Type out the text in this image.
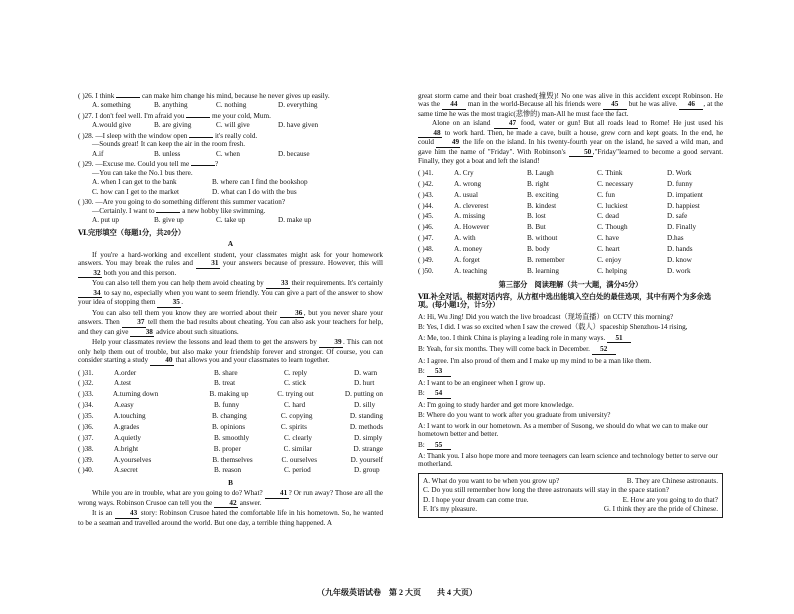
( )26. I think	can make him change his mind, because he never gives up easily.
A. something	B. anything	C. nothing	D. everything
( )27. I don't feel well. I'm afraid you	me your cold, Mum.
A.would give	B. are giving	C. will give	D. have given
( )28. —I sleep with the window open	it's really cold.
—Sounds great! It can keep the air in the room fresh.
A.if	B. unless	C. when	D. because
( )29. —Excuse me. Could you tell me	?
—You can take the No.1 bus there.
A. when I can get to the bank	B. where can I find the bookshop
C. how can I get to the market	D. what can I do with the bus
( )30. —Are you going to do something different this summer vacation?
—Certainly. I want to	a new hobby like swimming.
A. put up	B. give up	C. take up	D. make up
Ⅵ.完形填空（每题1分，共20分）
A
If you're a hard-working and excellent student, your classmates might ask for your homework answers. You may break the rules and	31 your answers because of pressure. However, this will 32 both you and this person.
You can also tell them you can help them avoid cheating by 33 their requirements. It's certainly 34 to say no, especially when you want to seem friendly. You can give a part of the answer to show your idea of stopping them 35.
You can also tell them you know they are worried about their	36, but you never share your answers. Then 37 tell them the bad results about cheating. You can also ask your teachers for help, and they can give 38 advice about such situations.
Help your classmates review the lessons and lead them to get the answers by 39. This can not only help them out of trouble, but also make your friendship forever and stronger. Of course, you can consider starting a study 40 that allows you and your classmates to learn together.
( )31.	A.order	B. share	C. reply	D. warn
( )32.	A.test	B. treat	C. stick	D. hurt
( )33.	A.turning down	B. making up	C. trying out	D. putting on
( )34.	A.easy	B. funny	C. hard	D. silly
( )35.	A.touching	B. changing	C. copying	D. standing
( )36.	A.grades	B. opinions	C. spirits	D. methods
( )37.	A.quietly	B. smoothly	C. clearly	D. simply
( )38.	A.bright	B. proper	C. similar	D. strange
( )39.	A.yourselves	B. themselves	C. ourselves	D. yourself
( )40.	A.secret	B. reason	C. period	D. group
B
While you are in trouble, what are you going to do? What? 41? Or run away? Those are all the wrong ways. Robinson Crusoe can tell you the 42 answer.
It is an 43 story: Robinson Crusoe hated the comfortable life in his hometown. So, he wanted to be a seaman and travelled around the world. But one day, a terrible thing happened. A
great storm came and their boat crashed(撞毁)! No one was alive in this accident except Robinson. He was the 44 man in the world-Because all his friends were 45 but he was alive. 46 , at the same time he was the most tragic(悲惨的) man-All he must face the fact.
Alone on an island	47 food, water or gun! But all roads lead to Rome! He just used his 48 to work hard. Then, he made a cave, built a house, grew corn and kept goats. In the end, he could 49 the life on the island. In his twenty-fourth year on the island, he saved a wild man, and gave him the name of "Friday". With Robinson's	50,"Friday"learned to become a good servant. Finally, they got a boat and left the island!
( )41.	A. Cry	B. Laugh	C. Think	D. Work
( )42.	A. wrong	B. right	C. necessary	D. funny
( )43.	A. usual	B. exciting	C. fun	D. impatient
( )44.	A. cleverest	B. kindest	C. luckiest	D. happiest
( )45.	A. missing	B. lost	C. dead	D. safe
( )46.	A. However	B. But	C. Though	D. Finally
( )47.	A. with	B. without	C. have	D.has
( )48.	A. money	B. body	C. heart	D. hands
( )49.	A. forget	B. remember	C. enjoy	D. know
( )50.	A. teaching	B. learning	C. helping	D. work
第三部分　阅读理解（共一大题，满分45分）
Ⅶ.补全对话。根据对话内容，从方框中选出能填入空白处的最佳选项，其中有两个为多余选项。(每小题1分，计5分）
A: Hi, Wu Jing! Did you watch the live broadcast（现场直播）on CCTV this morning?
B: Yes, I did. I was so excited when I saw the crewed（载人）spaceship Shenzhou-14 rising,
A: Me, too. I think China is playing a leading role in many ways. 51
B: Yeah, for six months. They will come back in December. 52
A: I agree. I'm also proud of them and I make up my mind to be a man like them.
B: 53
A: I want to be an engineer when I grow up.
B: 54
A: I'm going to study harder and get more knowledge.
B: Where do you want to work after you graduate from university?
A: I want to work in our hometown. As a member of Susong, we should do what we can to make our hometown better and better.
B: 55
A: Thank you. I also hope more and more teenagers can learn science and technology better to serve our motherland.
A. What do you want to be when you grow up?	B. They are Chinese astronauts.
C. Do you still remember how long the three astronauts will stay in the space station?
D. I hope your dream can come true.	E. How are you going to do that?
F. It's my pleasure.	G. I think they are the pride of Chinese.
（九年级英语试卷　第 2 大页　　共 4 大页）
